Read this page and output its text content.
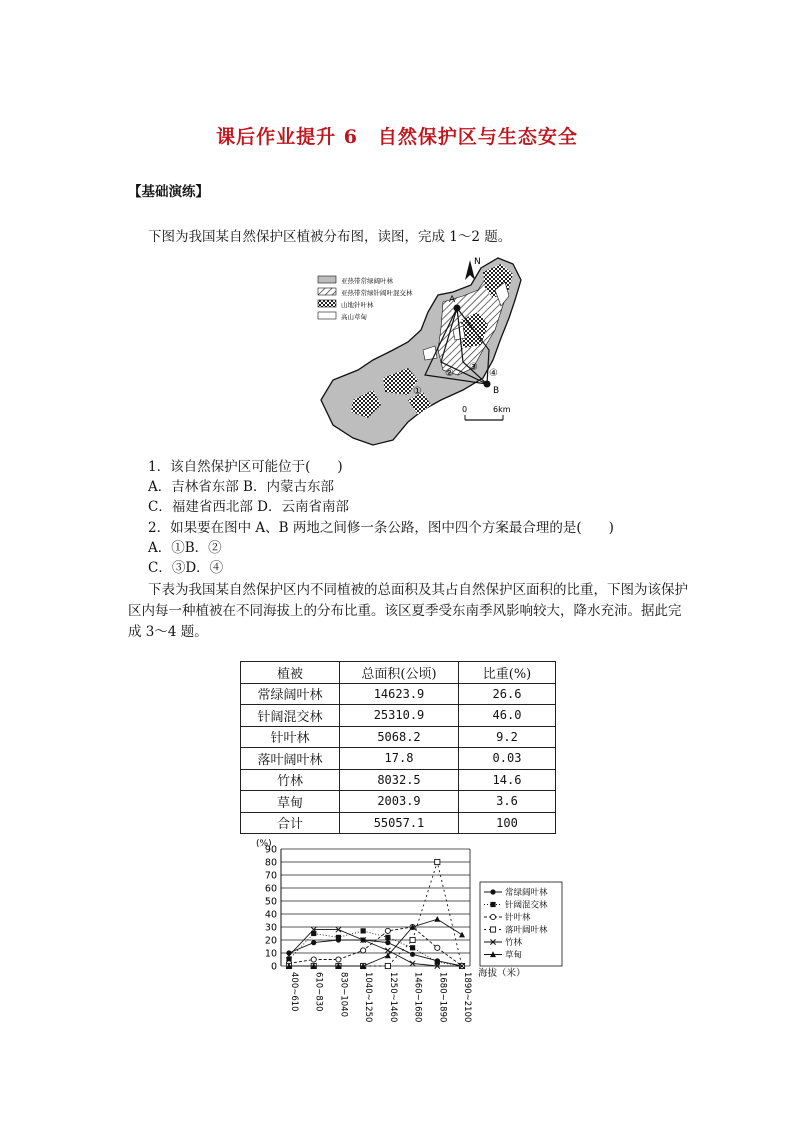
课后作业提升 6　自然保护区与生态安全
【基础演练】
下图为我国某自然保护区植被分布图，读图，完成 1～2 题。
A
B
①
②
③
④
N
亚热带常绿阔叶林
亚热带常绿针阔叶混交林
山地针叶林
高山草甸
0	6km
1．该自然保护区可能位于(　　)
A．吉林省东部 B．内蒙古东部
C．福建省西北部 D．云南省南部
2．如果要在图中 A、B 两地之间修一条公路，图中四个方案最合理的是(　　)
A．①B．②
C．③D．④
下表为我国某自然保护区内不同植被的总面积及其占自然保护区面积的比重，下图为该保护区内每一种植被在不同海拔上的分布比重。该区夏季受东南季风影响较大，降水充沛。据此完成 3～4 题。
植被	总面积(公顷)	比重(%)
常绿阔叶林	14623.9	26.6
针阔混交林	25310.9	46.0
针叶林	5068.2	9.2
落叶阔叶林	17.8	0.03
竹林	8032.5	14.6
草甸	2003.9	3.6
合计	55057.1	100
0
10
20
30
40
50
60
70
80
90
(%)
400~610 610~830 830~1040 1040~1250 1250~1460 1460~1680 1680~1890 1890~2100 海拔（米）
常绿阔叶林
针阔混交林
针叶林
落叶阔叶林
竹林
草甸
